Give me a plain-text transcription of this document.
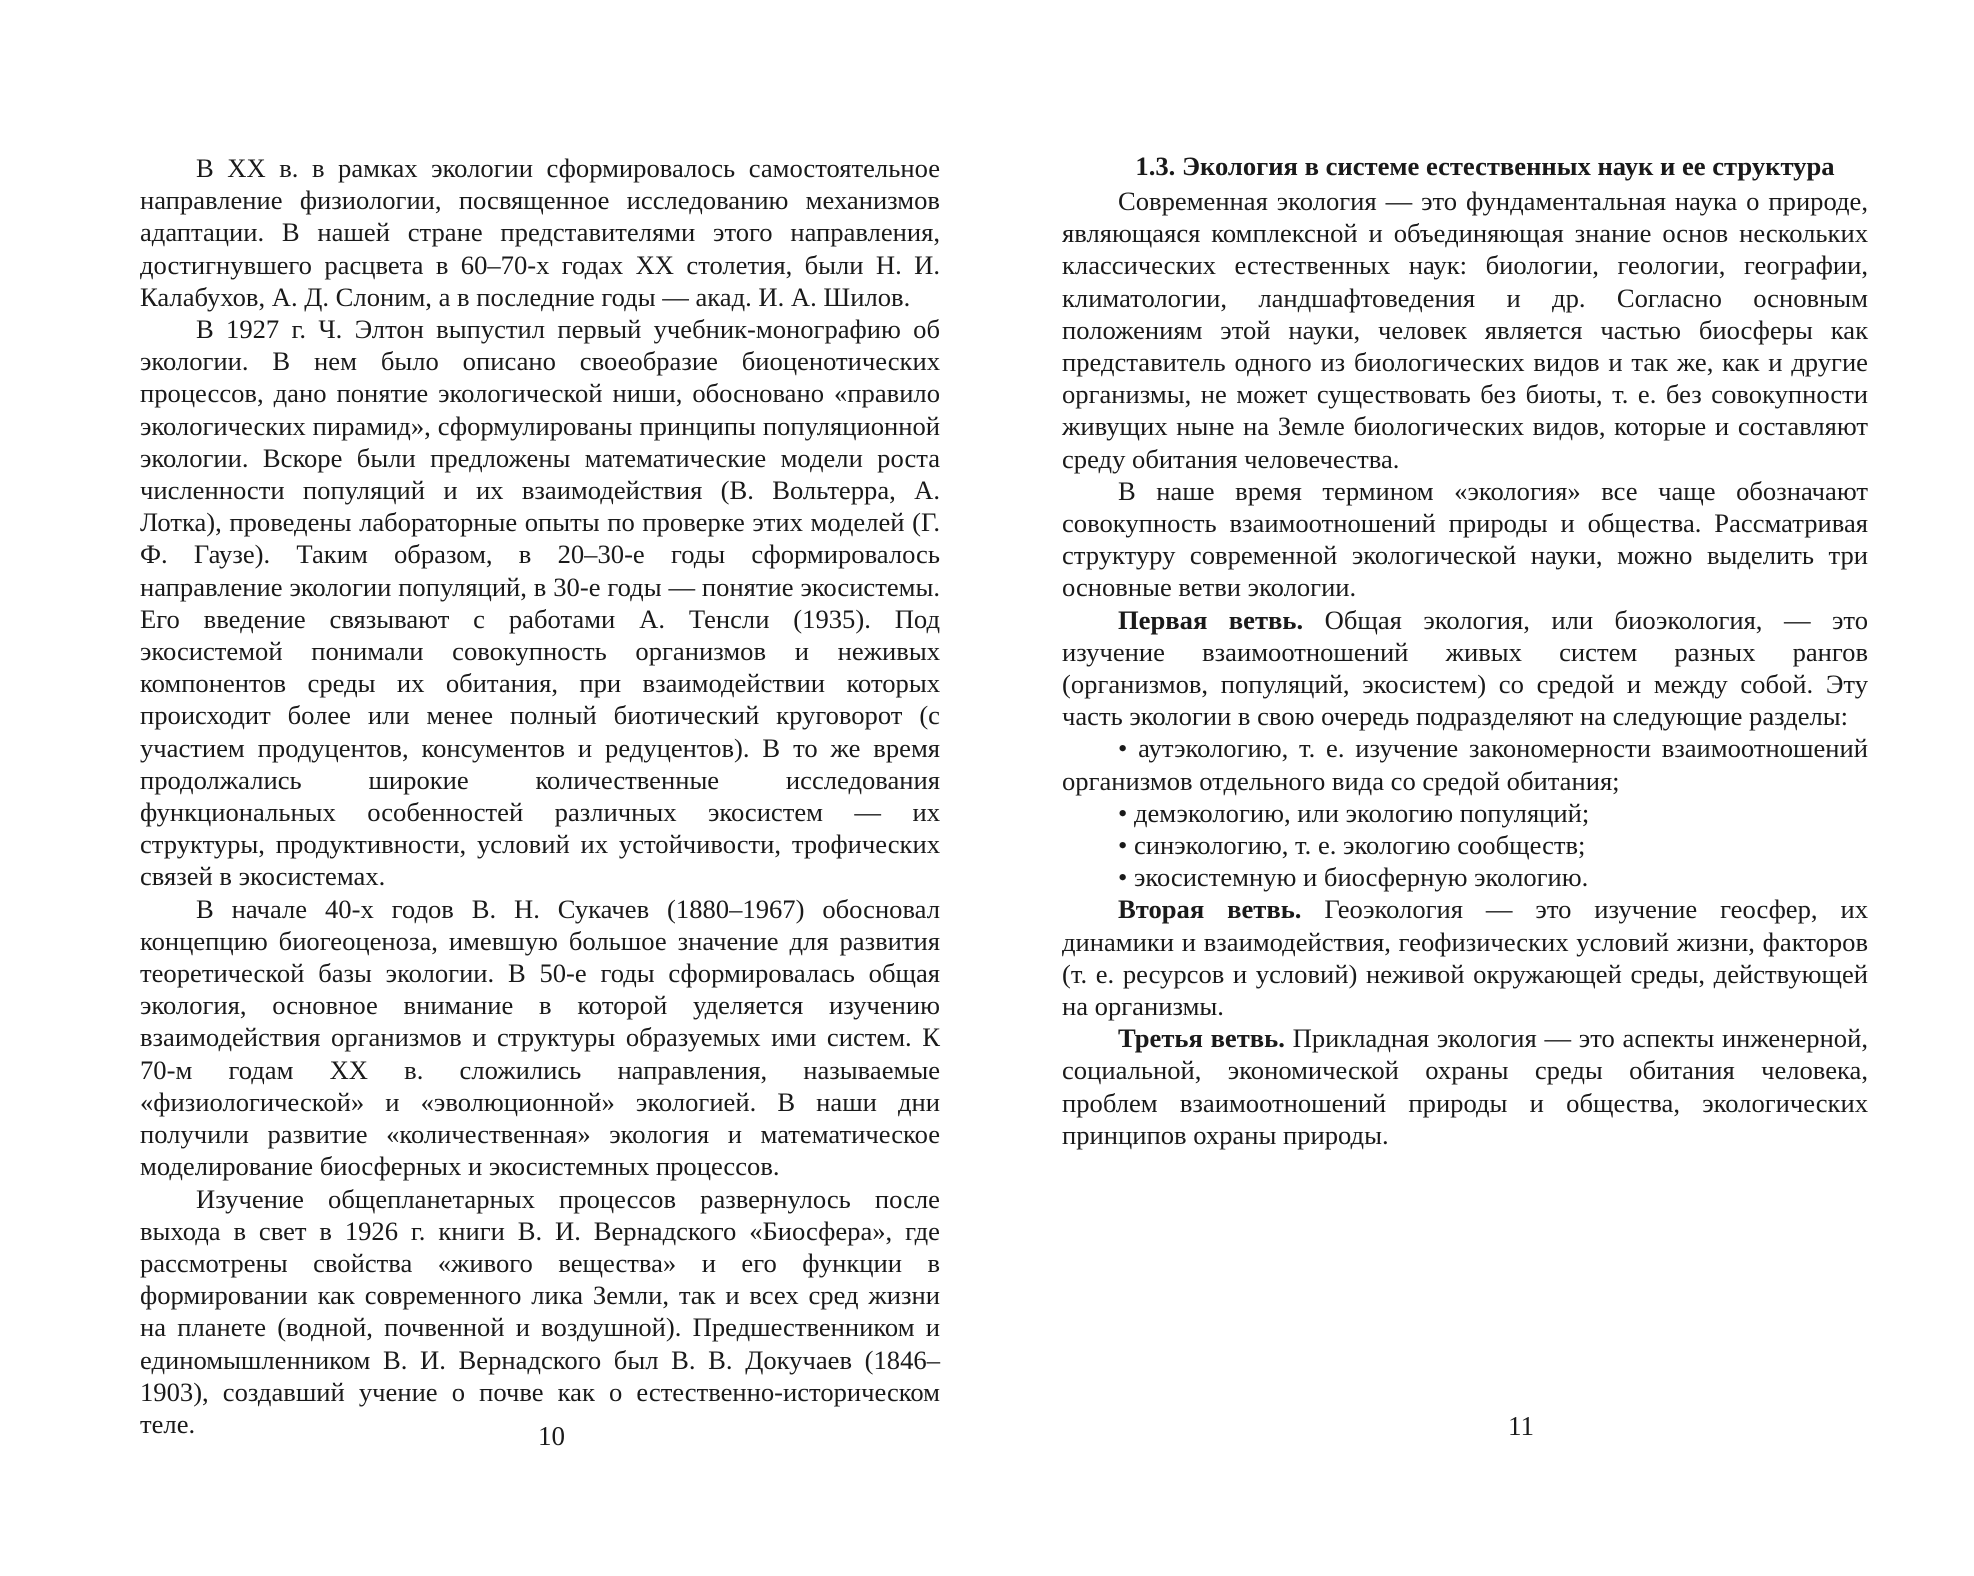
В XX в. в рамках экологии сформировалось самостоятельное направление физиологии, посвященное исследованию механизмов адаптации. В нашей стране представителями этого направления, достигнувшего расцвета в 60–70-х годах XX столетия, были Н. И. Калабухов, А. Д. Слоним, а в последние годы — акад. И. А. Шилов.

В 1927 г. Ч. Элтон выпустил первый учебник-монографию об экологии. В нем было описано своеобразие биоценотических процессов, дано понятие экологической ниши, обосновано «правило экологических пирамид», сформулированы принципы популяционной экологии. Вскоре были предложены математические модели роста численности популяций и их взаимодействия (В. Вольтерра, А. Лотка), проведены лабораторные опыты по проверке этих моделей (Г. Ф. Гаузе). Таким образом, в 20–30-е годы сформировалось направление экологии популяций, в 30-е годы — понятие экосистемы. Его введение связывают с работами А. Тенсли (1935). Под экосистемой понимали совокупность организмов и неживых компонентов среды их обитания, при взаимодействии которых происходит более или менее полный биотический круговорот (с участием продуцентов, консументов и редуцентов). В то же время продолжались широкие количественные исследования функциональных особенностей различных экосистем — их структуры, продуктивности, условий их устойчивости, трофических связей в экосистемах.

В начале 40-х годов В. Н. Сукачев (1880–1967) обосновал концепцию биогеоценоза, имевшую большое значение для развития теоретической базы экологии. В 50-е годы сформировалась общая экология, основное внимание в которой уделяется изучению взаимодействия организмов и структуры образуемых ими систем. К 70-м годам XX в. сложились направления, называемые «физиологической» и «эволюционной» экологией. В наши дни получили развитие «количественная» экология и математическое моделирование биосферных и экосистемных процессов.

Изучение общепланетарных процессов развернулось после выхода в свет в 1926 г. книги В. И. Вернадского «Биосфера», где рассмотрены свойства «живого вещества» и его функции в формировании как современного лика Земли, так и всех сред жизни на планете (водной, почвенной и воздушной). Предшественником и единомышленником В. И. Вернадского был В. В. Докучаев (1846–1903), создавший учение о почве как о естественно-историческом теле.	10
1.3. Экология в системе естественных наук и ее структура

Современная экология — это фундаментальная наука о природе, являющаяся комплексной и объединяющая знание основ нескольких классических естественных наук: биологии, геологии, географии, климатологии, ландшафтоведения и др. Согласно основным положениям этой науки, человек является частью биосферы как представитель одного из биологических видов и так же, как и другие организмы, не может существовать без биоты, т. е. без совокупности живущих ныне на Земле биологических видов, которые и составляют среду обитания человечества.

В наше время термином «экология» все чаще обозначают совокупность взаимоотношений природы и общества. Рассматривая структуру современной экологической науки, можно выделить три основные ветви экологии.

Первая ветвь. Общая экология, или биоэкология, — это изучение взаимоотношений живых систем разных рангов (организмов, популяций, экосистем) со средой и между собой. Эту часть экологии в свою очередь подразделяют на следующие разделы:

• аутэкологию, т. е. изучение закономерности взаимоотношений организмов отдельного вида со средой обитания;

• демэкологию, или экологию популяций;

• синэкологию, т. е. экологию сообществ;

• экосистемную и биосферную экологию.

Вторая ветвь. Геоэкология — это изучение геосфер, их динамики и взаимодействия, геофизических условий жизни, факторов (т. е. ресурсов и условий) неживой окружающей среды, действующей на организмы.

Третья ветвь. Прикладная экология — это аспекты инженерной, социальной, экономической охраны среды обитания человека, проблем взаимоотношений природы и общества, экологических принципов охраны природы.

11
